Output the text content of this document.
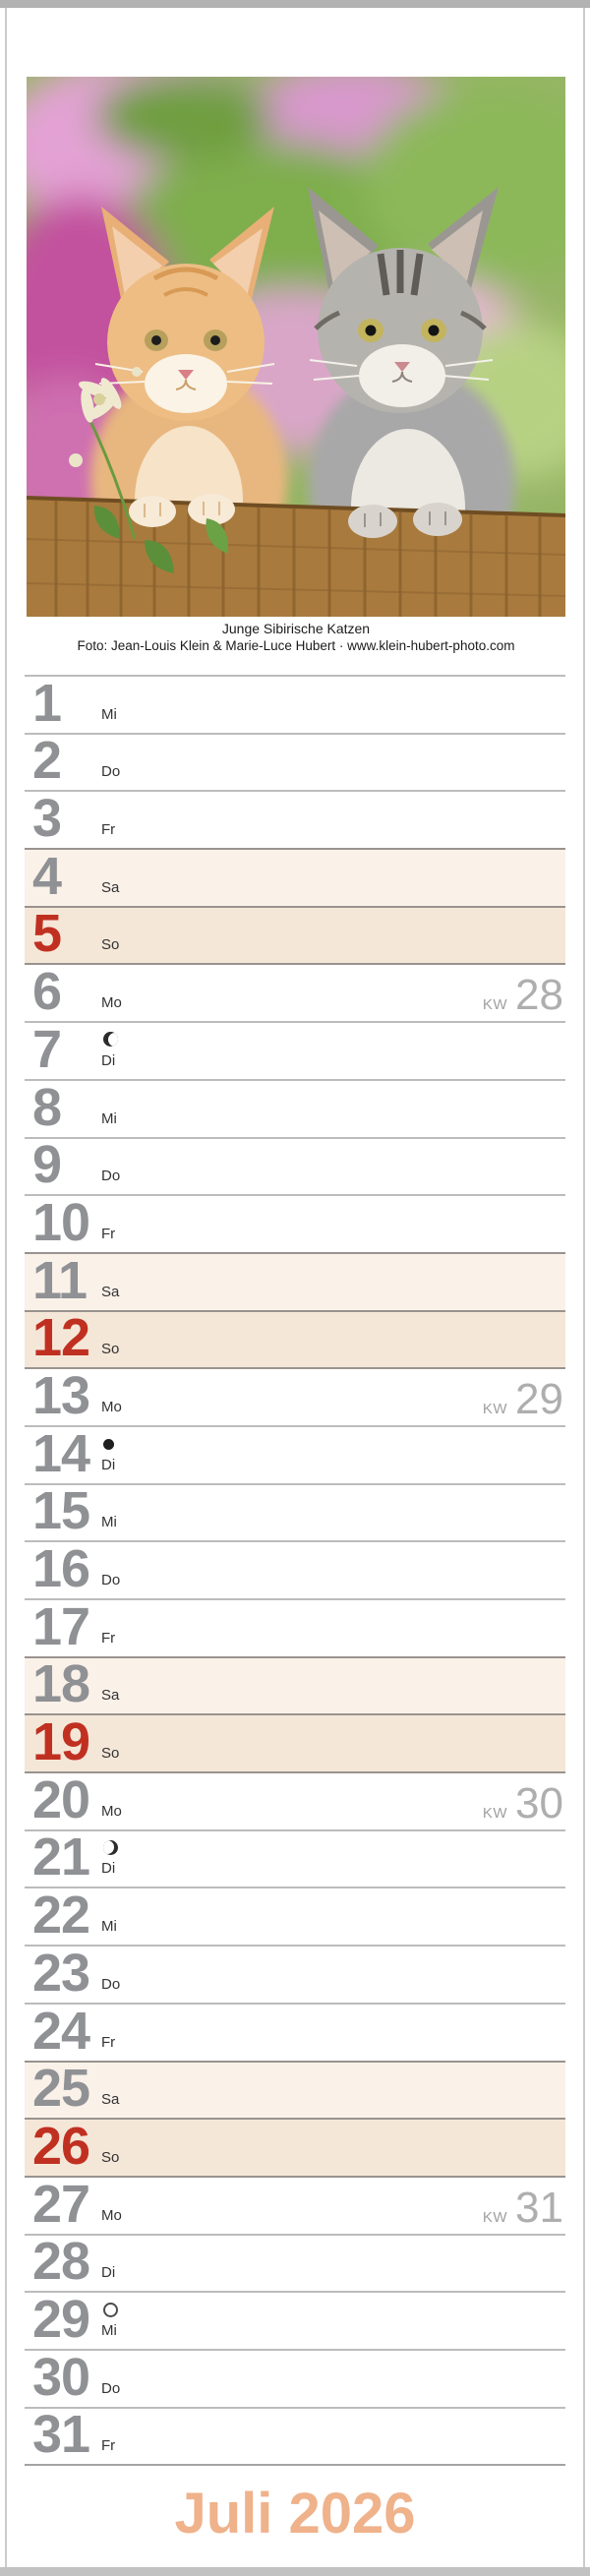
Junge Sibirische Katzen
Foto: Jean-Louis Klein & Marie-Luce Hubert · www.klein-hubert-photo.com
1	Mi
2	Do
3	Fr
4	Sa
5	So
6	Mo	KW 28
7	Di
8	Mi
9	Do
10 Fr
11 Sa
12 So
13 Mo	KW 29
14 Di
15 Mi
16 Do
17 Fr
18 Sa
19 So
20 Mo	KW 30
21 Di
22 Mi
23 Do
24 Fr
25 Sa
26 So
27 Mo	KW 31
28 Di
29 Mi
30 Do
31 Fr
Juli 2026
